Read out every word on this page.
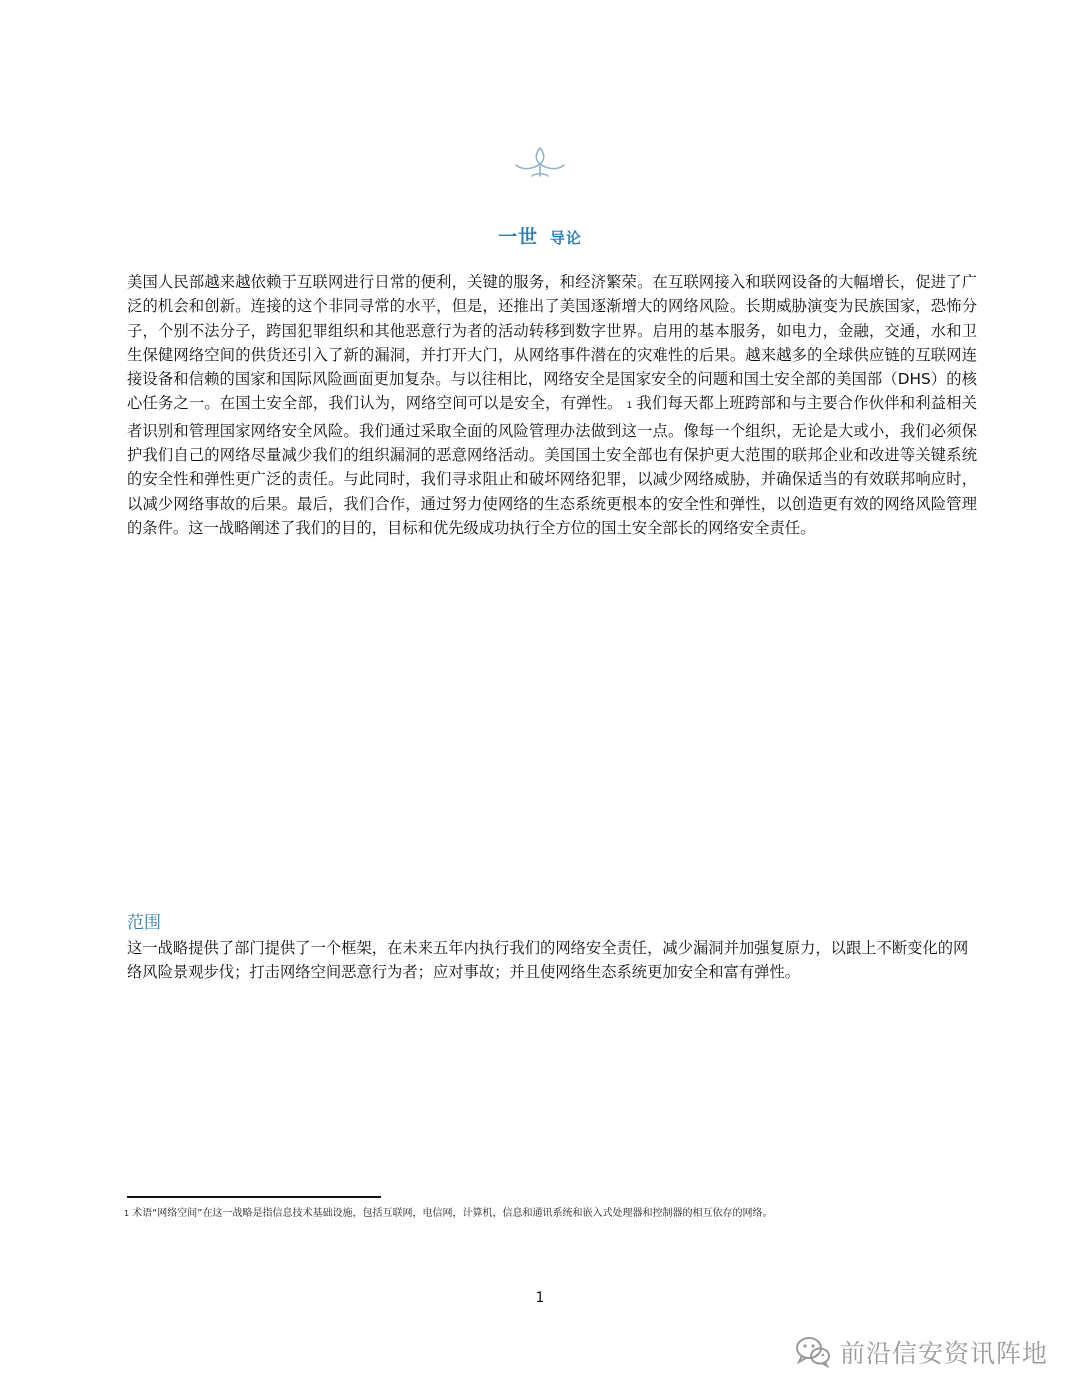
一世 导论
美国人民部越来越依赖于互联网进行日常的便利，关键的服务，和经济繁荣。在互联网接入和联网设备的大幅增长，促进了广泛的机会和创新。连接的这个非同寻常的水平，但是，还推出了美国逐渐增大的网络风险。长期威胁演变为民族国家，恐怖分子，个别不法分子，跨国犯罪组织和其他恶意行为者的活动转移到数字世界。启用的基本服务，如电力，金融，交通，水和卫生保健网络空间的供货还引入了新的漏洞，并打开大门，从网络事件潜在的灾难性的后果。越来越多的全球供应链的互联网连接设备和信赖的国家和国际风险画面更加复杂。与以往相比，网络安全是国家安全的问题和国土安全部的美国部（DHS）的核心任务之一。在国土安全部，我们认为，网络空间可以是安全，有弹性。 1 我们每天都上班跨部和与主要合作伙伴和利益相关者识别和管理国家网络安全风险。我们通过采取全面的风险管理办法做到这一点。像每一个组织，无论是大或小，我们必须保护我们自己的网络尽量减少我们的组织漏洞的恶意网络活动。美国国土安全部也有保护更大范围的联邦企业和改进等关键系统的安全性和弹性更广泛的责任。与此同时，我们寻求阻止和破坏网络犯罪，以减少网络威胁，并确保适当的有效联邦响应时，以减少网络事故的后果。最后，我们合作，通过努力使网络的生态系统更根本的安全性和弹性，以创造更有效的网络风险管理的条件。这一战略阐述了我们的目的，目标和优先级成功执行全方位的国土安全部长的网络安全责任。
范围
这一战略提供了部门提供了一个框架，在未来五年内执行我们的网络安全责任，减少漏洞并加强复原力，以跟上不断变化的网络风险景观步伐；打击网络空间恶意行为者；应对事故；并且使网络生态系统更加安全和富有弹性。
1 术语“网络空间”在这一战略是指信息技术基础设施，包括互联网，电信网，计算机，信息和通讯系统和嵌入式处理器和控制器的相互依存的网络。
1
前沿信安资讯阵地
